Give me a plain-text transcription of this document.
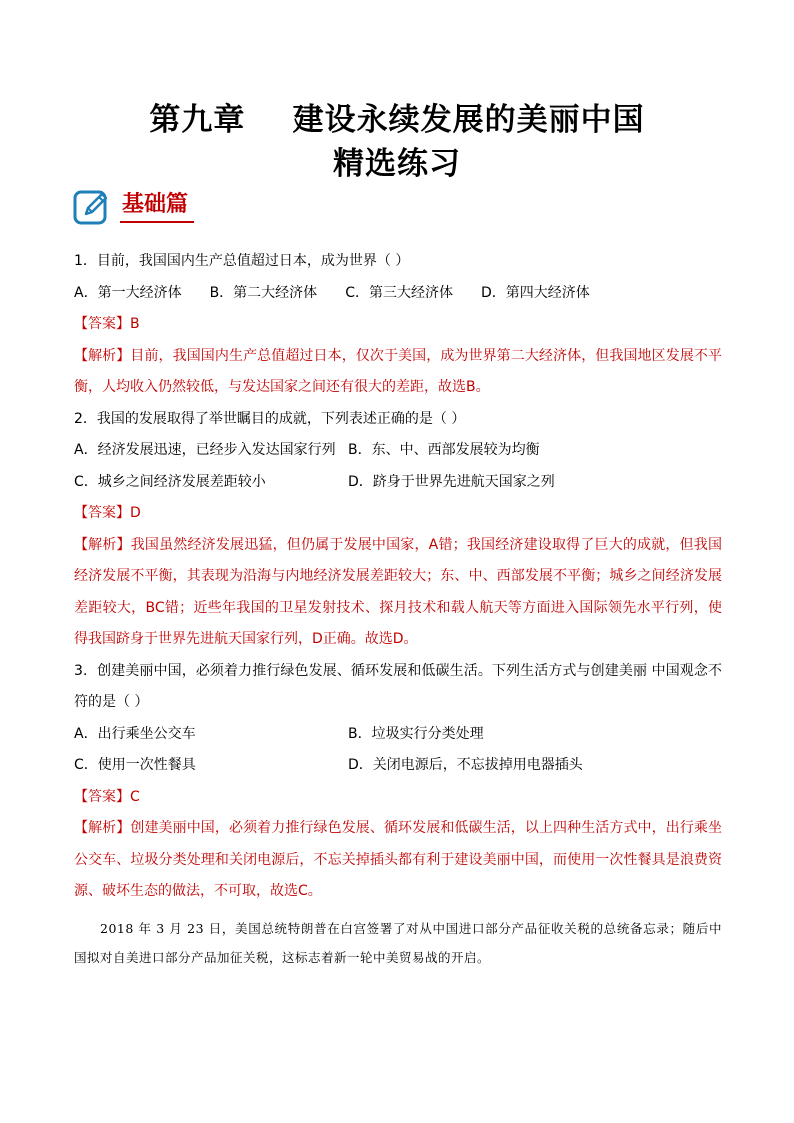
第九章    建设永续发展的美丽中国
精选练习
基础篇
1．目前，我国国内生产总值超过日本，成为世界（ ）
A．第一大经济体 B．第二大经济体 C．第三大经济体 D．第四大经济体
【答案】B
【解析】目前，我国国内生产总值超过日本，仅次于美国，成为世界第二大经济体，但我国地区发展不平衡，人均收入仍然较低，与发达国家之间还有很大的差距，故选B。
2．我国的发展取得了举世瞩目的成就，下列表述正确的是（ ）
A．经济发展迅速，已经步入发达国家行列 B．东、中、西部发展较为均衡
C．城乡之间经济发展差距较小	D．跻身于世界先进航天国家之列
【答案】D
【解析】我国虽然经济发展迅猛，但仍属于发展中国家，A错；我国经济建设取得了巨大的成就，但我国经济发展不平衡，其表现为沿海与内地经济发展差距较大；东、中、西部发展不平衡；城乡之间经济发展差距较大，BC错；近些年我国的卫星发射技术、探月技术和载人航天等方面进入国际领先水平行列，使得我国跻身于世界先进航天国家行列，D正确。故选D。
3．创建美丽中国，必须着力推行绿色发展、循环发展和低碳生活。下列生活方式与创建美丽 中国观念不符的是（ ）
A．出行乘坐公交车	B．垃圾实行分类处理
C．使用一次性餐具	D．关闭电源后，不忘拔掉用电器插头
【答案】C
【解析】创建美丽中国，必须着力推行绿色发展、循环发展和低碳生活，以上四种生活方式中，出行乘坐公交车、垃圾分类处理和关闭电源后，不忘关掉插头都有利于建设美丽中国，而使用一次性餐具是浪费资源、破坏生态的做法，不可取，故选C。
2018 年 3 月 23 日，美国总统特朗普在白宫签署了对从中国进口部分产品征收关税的总统备忘录；随后中国拟对自美进口部分产品加征关税，这标志着新一轮中美贸易战的开启。
